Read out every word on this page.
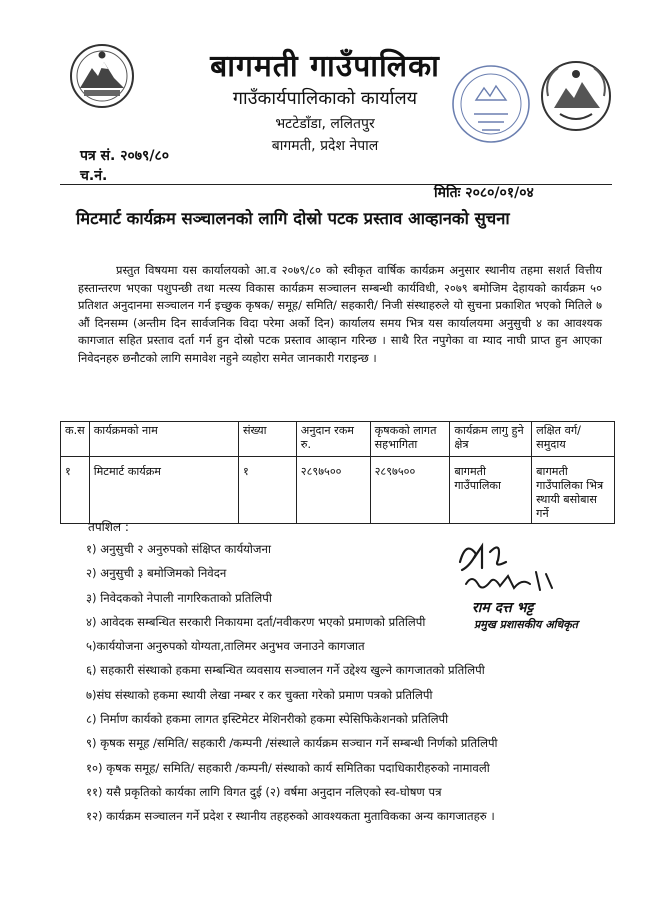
बागमती गाउँपालिका
गाउँकार्यपालिकाको कार्यालय
भटटेडाँडा, ललितपुर
बागमती, प्रदेश नेपाल
पत्र सं. २०७९/८०
च.नं.
मितिः २०८०/०१/०४
मिटमार्ट कार्यक्रम सञ्चालनको लागि दोस्रो पटक प्रस्ताव आव्हानको सुचना
प्रस्तुत विषयमा यस कार्यालयको आ.व २०७९/८० को स्वीकृत वार्षिक कार्यक्रम अनुसार स्थानीय तहमा सशर्त वित्तीय हस्तान्तरण भएका पशुपन्छी तथा मत्स्य विकास कार्यक्रम सञ्चालन सम्बन्धी कार्यविधी, २०७९ बमोजिम देहायको कार्यक्रम ५० प्रतिशत अनुदानमा सञ्चालन गर्न इच्छुक कृषक/ समूह/ समिति/ सहकारी/ निजी संस्थाहरुले यो सुचना प्रकाशित भएको मितिले ७ औं दिनसम्म (अन्तीम दिन सार्वजनिक विदा परेमा अर्को दिन) कार्यालय समय भित्र यस कार्यालयमा अनुसुची ४ का आवश्यक कागजात सहित प्रस्ताव दर्ता गर्न हुन दोस्रो पटक प्रस्ताव आव्हान गरिन्छ । साथै रित नपुगेका वा म्याद नाघी प्राप्त हुन आएका निवेदनहरु छनौटको लागि समावेश नहुने व्यहोरा समेत जानकारी गराइन्छ ।
क.स	कार्यक्रमको नाम	संख्या	अनुदान रकम रु.	कृषकको लागत सहभागिता	कार्यक्रम लागु हुने क्षेत्र	लक्षित वर्ग/समुदाय
१	मिटमार्ट कार्यक्रम	१	२८९७५००	२८९७५००	बागमती गाउँपालिका	बागमती गाउँपालिका भित्र स्थायी बसोबास गर्ने
तपशिल :
१) अनुसुची २ अनुरुपको संक्षिप्त कार्ययोजना
२) अनुसुची ३ बमोजिमको निवेदन
३) निवेदकको नेपाली नागरिकताको प्रतिलिपी
४) आवेदक सम्बन्धित सरकारी निकायमा दर्ता/नवीकरण भएको प्रमाणको प्रतिलिपी
५)कार्ययोजना अनुरुपको योग्यता,तालिमर अनुभव जनाउने कागजात
६) सहकारी संस्थाको हकमा सम्बन्धित व्यवसाय सञ्चालन गर्ने उद्देश्य खुल्ने कागजातको प्रतिलिपी
७)संघ संस्थाको हकमा स्थायी लेखा नम्बर र कर चुक्ता गरेको प्रमाण पत्रको प्रतिलिपी
८) निर्माण कार्यको हकमा लागत इस्टिमेटर मेशिनरीको हकमा स्पेसिफिकेशनको प्रतिलिपी
९) कृषक समूह /समिति/ सहकारी /कम्पनी /संस्थाले कार्यक्रम सञ्चान गर्ने सम्बन्धी निर्णको प्रतिलिपी
१०) कृषक समूह/ समिति/ सहकारी /कम्पनी/ संस्थाको कार्य समितिका पदाधिकारीहरुको नामावली
११) यसै प्रकृतिको कार्यका लागि विगत दुई (२) वर्षमा अनुदान नलिएको स्व-घोषण पत्र
१२) कार्यक्रम सञ्चालन गर्ने प्रदेश र स्थानीय तहहरुको आवश्यकता मुताविकका अन्य कागजातहरु ।
राम दत्त भट्ट
प्रमुख प्रशासकीय अधिकृत
